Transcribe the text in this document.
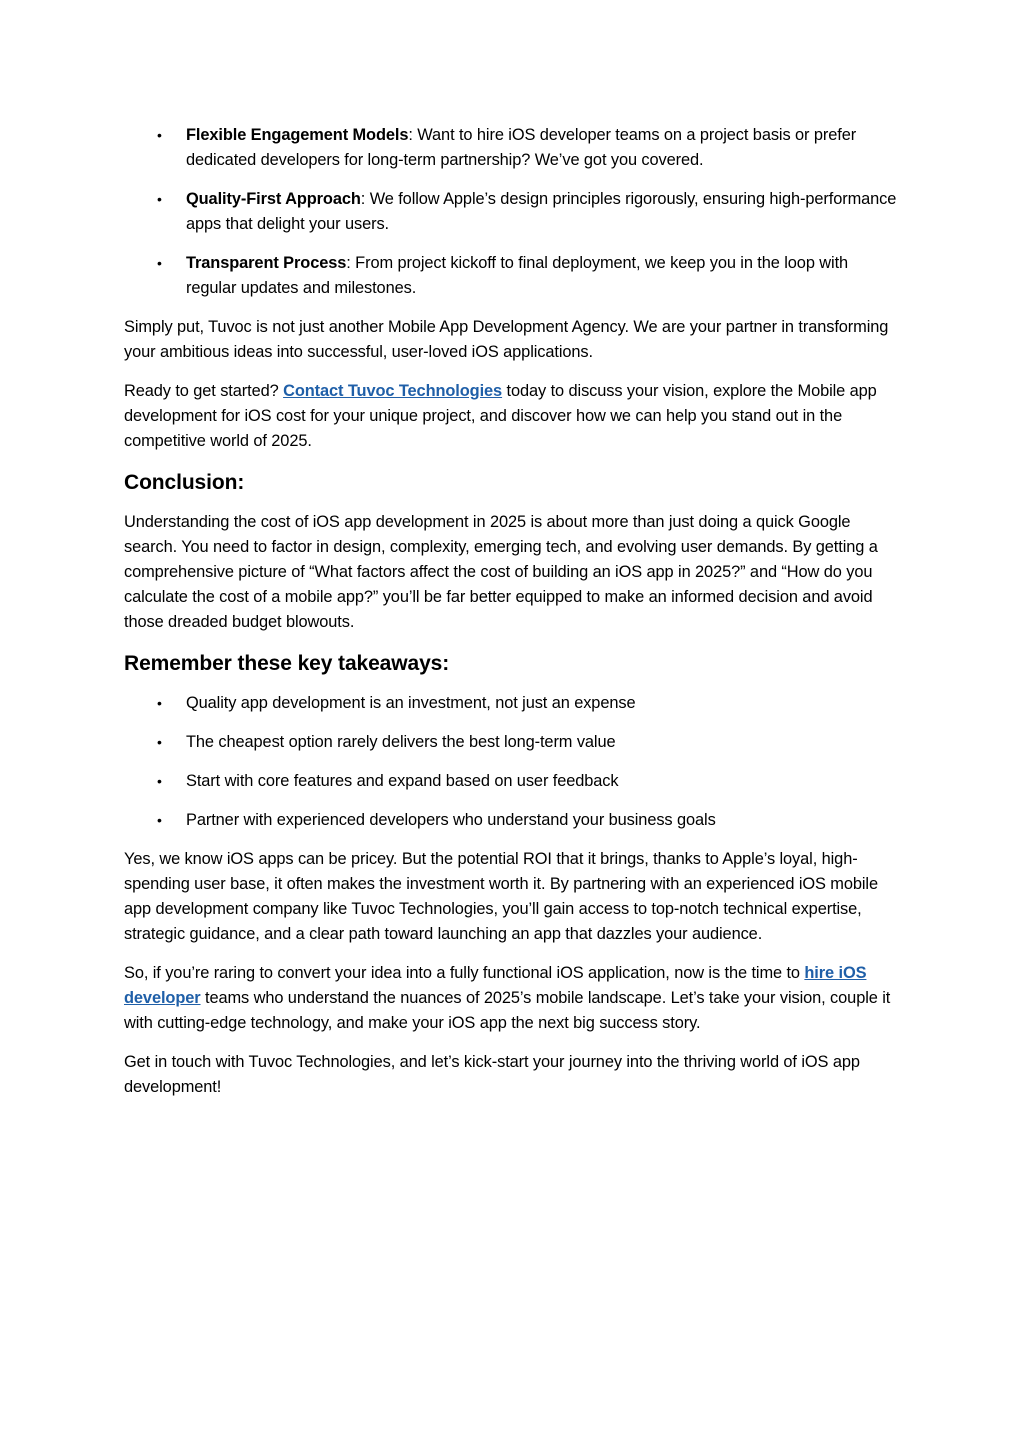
• Flexible Engagement Models: Want to hire iOS developer teams on a project basis or prefer dedicated developers for long-term partnership? We’ve got you covered.
• Quality-First Approach: We follow Apple’s design principles rigorously, ensuring high-performance apps that delight your users.
• Transparent Process: From project kickoff to final deployment, we keep you in the loop with regular updates and milestones.

Simply put, Tuvoc is not just another Mobile App Development Agency. We are your partner in transforming your ambitious ideas into successful, user-loved iOS applications.

Ready to get started? Contact Tuvoc Technologies today to discuss your vision, explore the Mobile app development for iOS cost for your unique project, and discover how we can help you stand out in the competitive world of 2025.

Conclusion:

Understanding the cost of iOS app development in 2025 is about more than just doing a quick Google search. You need to factor in design, complexity, emerging tech, and evolving user demands. By getting a comprehensive picture of “What factors affect the cost of building an iOS app in 2025?” and “How do you calculate the cost of a mobile app?” you’ll be far better equipped to make an informed decision and avoid those dreaded budget blowouts.

Remember these key takeaways:
• Quality app development is an investment, not just an expense
• The cheapest option rarely delivers the best long-term value
• Start with core features and expand based on user feedback
• Partner with experienced developers who understand your business goals

Yes, we know iOS apps can be pricey. But the potential ROI that it brings, thanks to Apple’s loyal, high-spending user base, it often makes the investment worth it. By partnering with an experienced iOS mobile app development company like Tuvoc Technologies, you’ll gain access to top-notch technical expertise, strategic guidance, and a clear path toward launching an app that dazzles your audience.

So, if you’re raring to convert your idea into a fully functional iOS application, now is the time to hire iOS developer teams who understand the nuances of 2025’s mobile landscape. Let’s take your vision, couple it with cutting-edge technology, and make your iOS app the next big success story.

Get in touch with Tuvoc Technologies, and let’s kick-start your journey into the thriving world of iOS app development!
